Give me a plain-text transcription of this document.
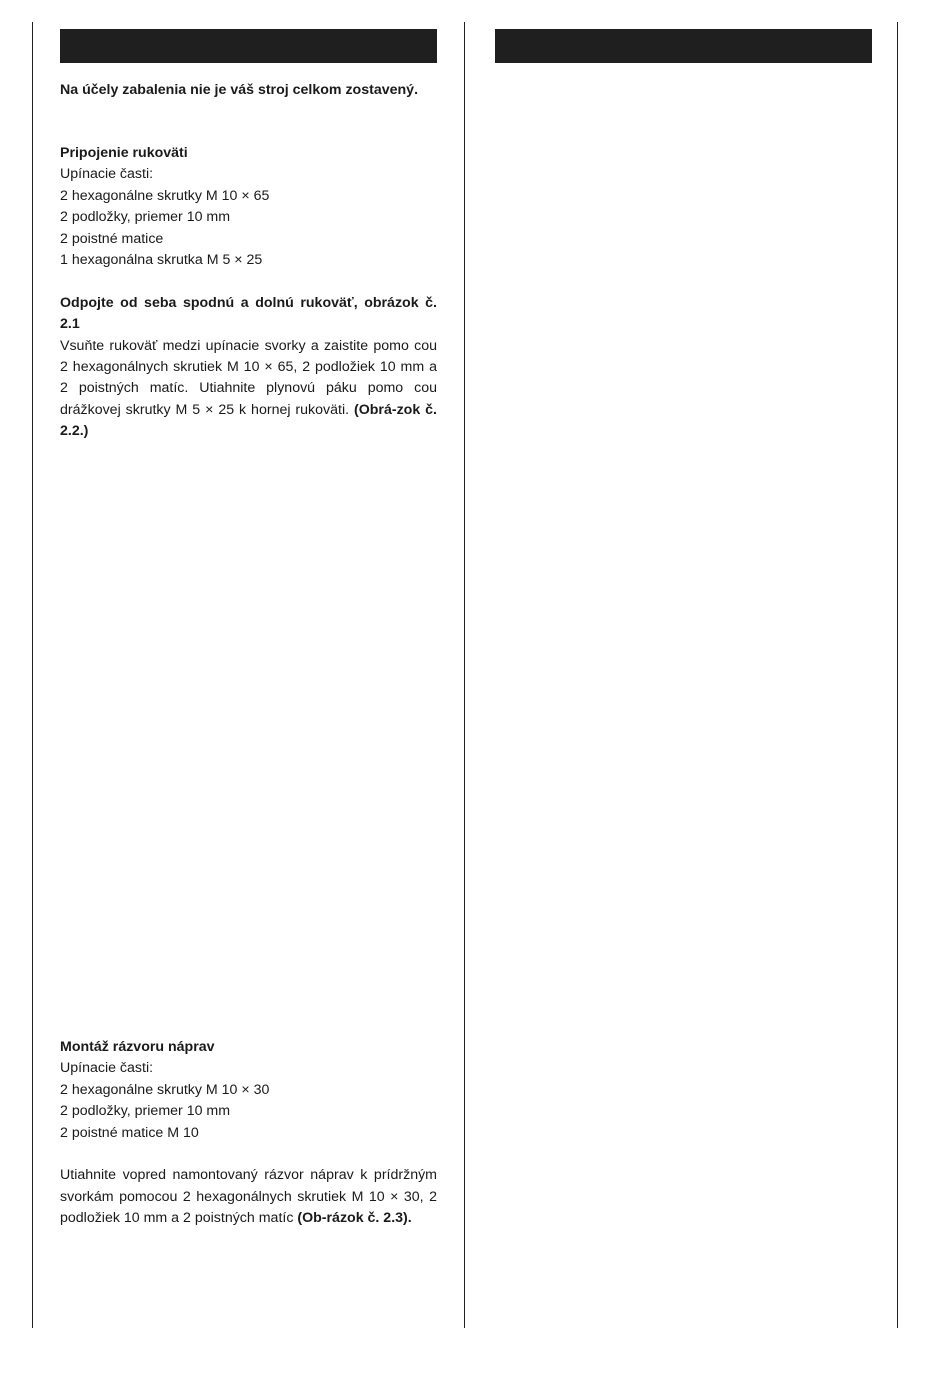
Na účely zabalenia nie je váš stroj celkom zostavený.

Pripojenie rukoväti

Upínacie časti:

2 hexagonálne skrutky M 10 × 65

2 podložky, priemer 10 mm

2 poistné matice

1 hexagonálna skrutka M 5 × 25

Odpojte od seba spodnú a dolnú rukoväť, obrázok č. 2.1

Vsuňte rukoväť medzi upínacie svorky a zaistite pomo cou 2 hexagonálnych skrutiek M 10 × 65, 2 podložiek 10 mm a 2 poistných matíc. Utiahnite plynovú páku pomo cou drážkovej skrutky M 5 × 25 k hornej rukoväti. (Obrá-zok č. 2.2.)

Montáž rázvoru náprav

Upínacie časti:

2 hexagonálne skrutky M 10 × 30

2 podložky, priemer 10 mm

2 poistné matice M 10

Utiahnite vopred namontovaný rázvor náprav k prídržným svorkám pomocou 2 hexagonálnych skrutiek M 10 × 30, 2 podložiek 10 mm a 2 poistných matíc (Ob-rázok č. 2.3).
